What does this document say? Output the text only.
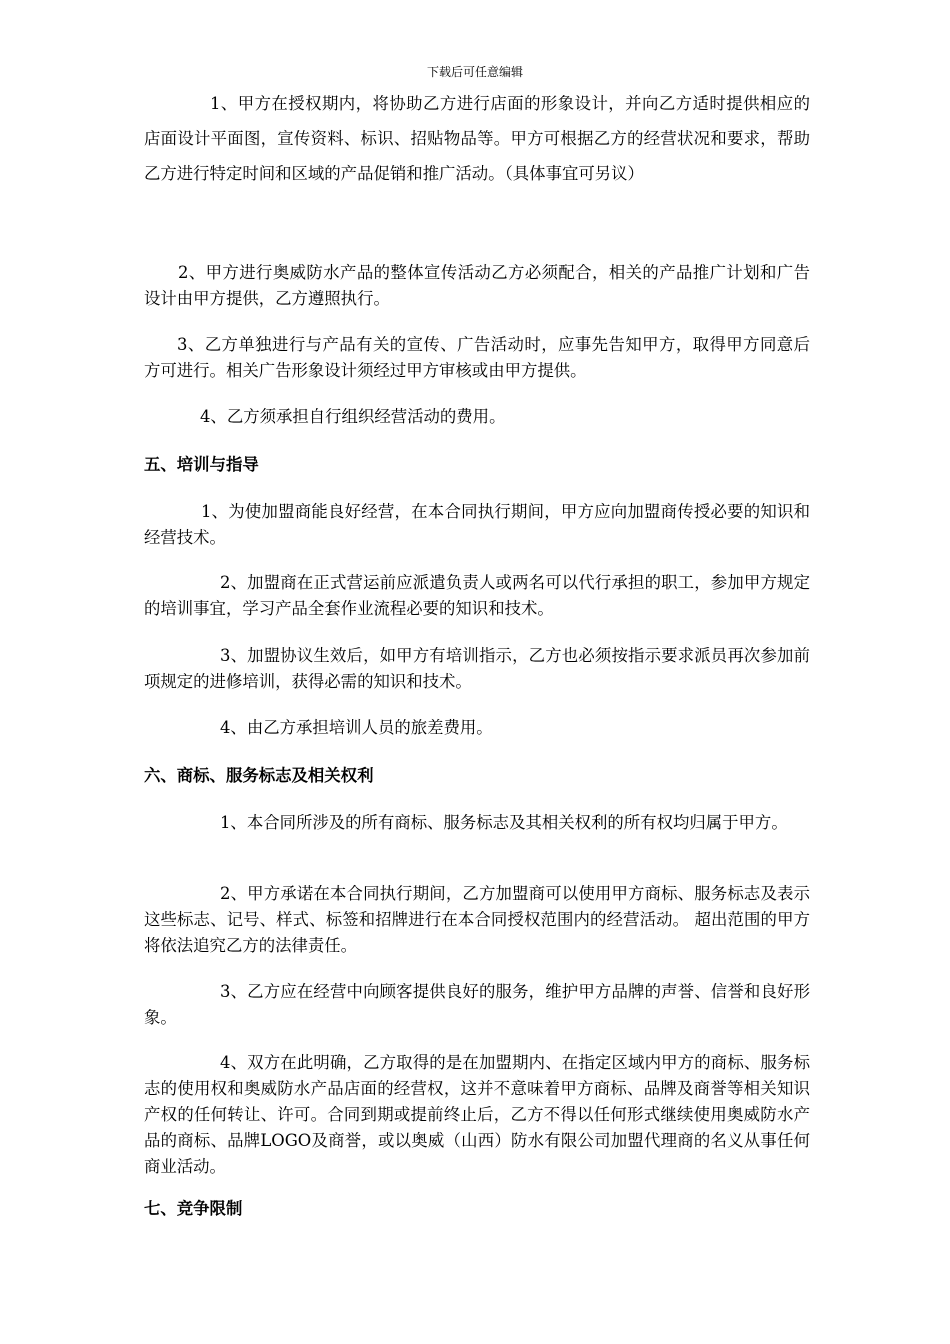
下载后可任意编辑

1、甲方在授权期内，将协助乙方进行店面的形象设计，并向乙方适时提供相应的店面设计平面图，宣传资料、标识、招贴物品等。甲方可根据乙方的经营状况和要求，帮助乙方进行特定时间和区域的产品促销和推广活动。（具体事宜可另议）

2、甲方进行奥威防水产品的整体宣传活动乙方必须配合，相关的产品推广计划和广告设计由甲方提供，乙方遵照执行。

3、乙方单独进行与产品有关的宣传、广告活动时，应事先告知甲方，取得甲方同意后方可进行。相关广告形象设计须经过甲方审核或由甲方提供。

4、乙方须承担自行组织经营活动的费用。

五、培训与指导

1、为使加盟商能良好经营，在本合同执行期间，甲方应向加盟商传授必要的知识和经营技术。

2、加盟商在正式营运前应派遣负责人或两名可以代行承担的职工，参加甲方规定的培训事宜，学习产品全套作业流程必要的知识和技术。

3、加盟协议生效后，如甲方有培训指示，乙方也必须按指示要求派员再次参加前项规定的进修培训，获得必需的知识和技术。

4、由乙方承担培训人员的旅差费用。

六、商标、服务标志及相关权利

1、本合同所涉及的所有商标、服务标志及其相关权利的所有权均归属于甲方。

2、甲方承诺在本合同执行期间，乙方加盟商可以使用甲方商标、服务标志及表示这些标志、记号、样式、标签和招牌进行在本合同授权范围内的经营活动。 超出范围的甲方将依法追究乙方的法律责任。

3、乙方应在经营中向顾客提供良好的服务，维护甲方品牌的声誉、信誉和良好形象。

4、双方在此明确，乙方取得的是在加盟期内、在指定区域内甲方的商标、服务标志的使用权和奥威防水产品店面的经营权，这并不意味着甲方商标、品牌及商誉等相关知识产权的任何转让、许可。合同到期或提前终止后，乙方不得以任何形式继续使用奥威防水产品的商标、品牌LOGO及商誉，或以奥威（山西）防水有限公司加盟代理商的名义从事任何商业活动。

七、竞争限制
